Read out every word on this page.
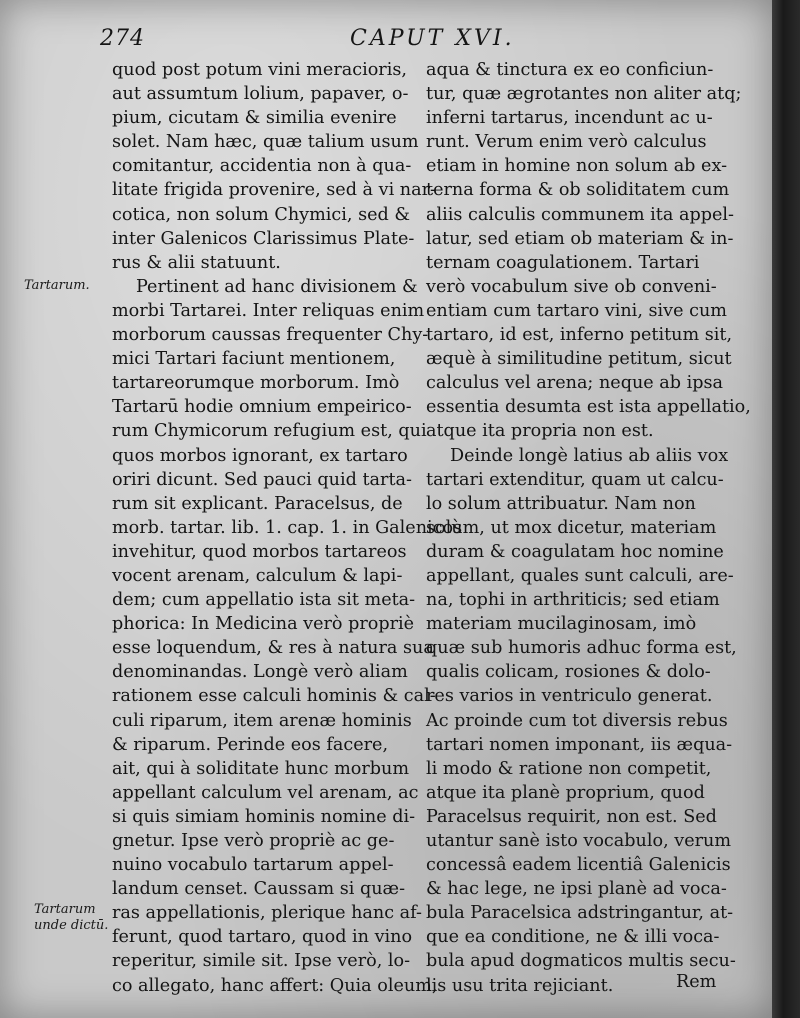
274	CAPUT XVI.
Tartarum.
Tartarum
unde dictū.
quod post potum vini meracioris,
aut assumtum lolium, papaver, o-
pium, cicutam & similia evenire
solet. Nam hæc, quæ talium usum
comitantur, accidentia non à qua-
litate frigida provenire, sed à vi nar-
cotica, non solum Chymici, sed &
inter Galenicos Clarissimus Plate-
rus & alii statuunt.
Pertinent ad hanc divisionem &
morbi Tartarei. Inter reliquas enim
morborum caussas frequenter Chy-
mici Tartari faciunt mentionem,
tartareorumque morborum. Imò
Tartarū hodie omnium empeirico-
rum Chymicorum refugium est, qui
quos morbos ignorant, ex tartaro
oriri dicunt. Sed pauci quid tarta-
rum sit explicant. Paracelsus, de
morb. tartar. lib. 1. cap. 1. in Galenicos
invehitur, quod morbos tartareos
vocent arenam, calculum & lapi-
dem; cum appellatio ista sit meta-
phorica: In Medicina verò propriè
esse loquendum, & res à natura sua
denominandas. Longè verò aliam
rationem esse calculi hominis & cal-
culi riparum, item arenæ hominis
& riparum. Perinde eos facere,
ait, qui à soliditate hunc morbum
appellant calculum vel arenam, ac
si quis simiam hominis nomine di-
gnetur. Ipse verò propriè ac ge-
nuino vocabulo tartarum appel-
landum censet. Caussam si quæ-
ras appellationis, plerique hanc af-
ferunt, quod tartaro, quod in vino
reperitur, simile sit. Ipse verò, lo-
co allegato, hanc affert: Quia oleum,
aqua & tinctura ex eo conficiun-
tur, quæ ægrotantes non aliter atq;
inferni tartarus, incendunt ac u-
runt. Verum enim verò calculus
etiam in homine non solum ab ex-
terna forma & ob soliditatem cum
aliis calculis communem ita appel-
latur, sed etiam ob materiam & in-
ternam coagulationem. Tartari
verò vocabulum sive ob conveni-
entiam cum tartaro vini, sive cum
tartaro, id est, inferno petitum sit,
æquè à similitudine petitum, sicut
calculus vel arena; neque ab ipsa
essentia desumta est ista appellatio,
atque ita propria non est.
Deinde longè latius ab aliis vox
tartari extenditur, quam ut calcu-
lo solum attribuatur. Nam non
solùm, ut mox dicetur, materiam
duram & coagulatam hoc nomine
appellant, quales sunt calculi, are-
na, tophi in arthriticis; sed etiam
materiam mucilaginosam, imò
quæ sub humoris adhuc forma est,
qualis colicam, rosiones & dolo-
res varios in ventriculo generat.
Ac proinde cum tot diversis rebus
tartari nomen imponant, iis æqua-
li modo & ratione non competit,
atque ita planè proprium, quod
Paracelsus requirit, non est. Sed
utantur sanè isto vocabulo, verum
concessâ eadem licentiâ Galenicis
& hac lege, ne ipsi planè ad voca-
bula Paracelsica adstringantur, at-
que ea conditione, ne & illi voca-
bula apud dogmaticos multis secu-
lis usu trita rejiciant.	Rem
